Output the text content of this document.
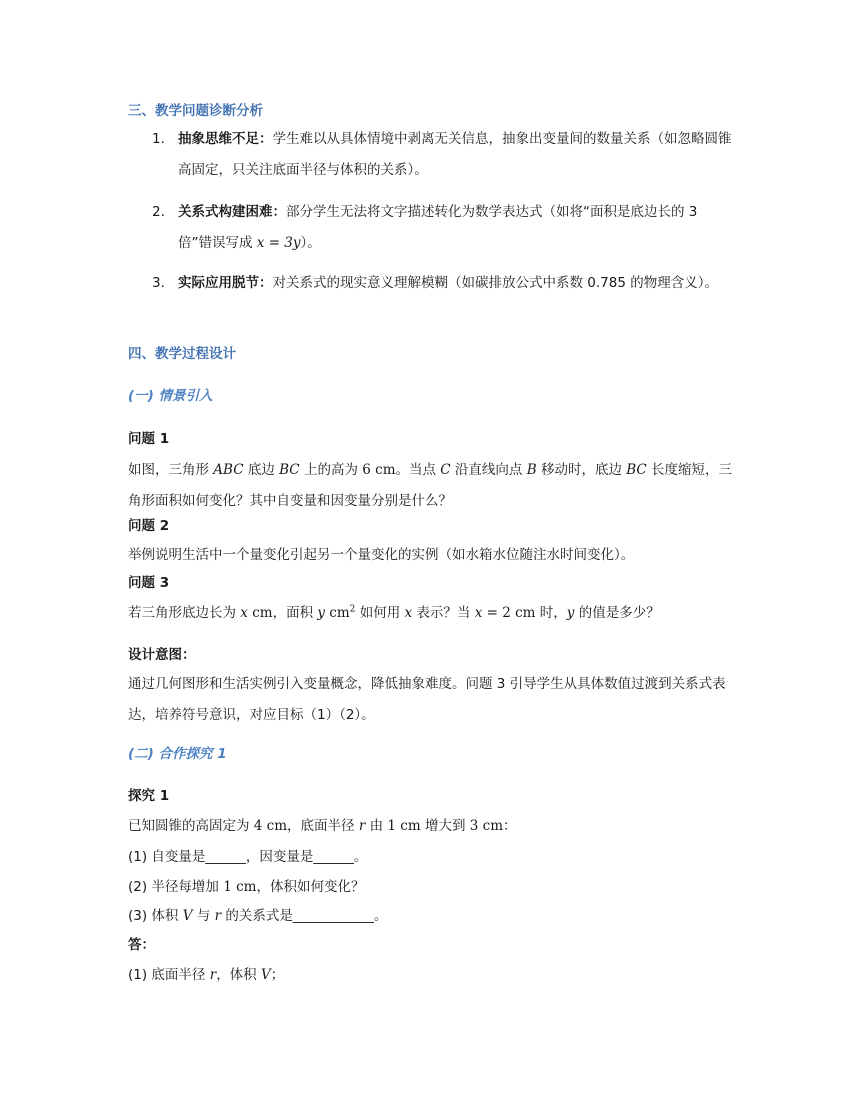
三、教学问题诊断分析
1. 抽象思维不足：学生难以从具体情境中剥离无关信息，抽象出变量间的数量关系（如忽略圆锥高固定，只关注底面半径与体积的关系）。
2. 关系式构建困难：部分学生无法将文字描述转化为数学表达式（如将“面积是底边长的 3 倍”错误写成 x = 3y）。
3. 实际应用脱节：对关系式的现实意义理解模糊（如碳排放公式中系数 0.785 的物理含义）。
四、教学过程设计
(一) 情景引入
问题 1
如图，三角形 ABC 底边 BC 上的高为 6 cm。当点 C 沿直线向点 B 移动时，底边 BC 长度缩短，三角形面积如何变化？其中自变量和因变量分别是什么？
问题 2
举例说明生活中一个量变化引起另一个量变化的实例（如水箱水位随注水时间变化）。
问题 3
若三角形底边长为 x cm，面积 y $cm^2$ 如何用 x 表示？当 x = 2 cm 时，y 的值是多少？
设计意图：
通过几何图形和生活实例引入变量概念，降低抽象难度。问题 3 引导学生从具体数值过渡到关系式表达，培养符号意识，对应目标（1）（2）。
(二) 合作探究 1
探究 1
已知圆锥的高固定为 4 cm，底面半径 r 由 1 cm 增大到 3 cm：
(1) 自变量是______，因变量是______。
(2) 半径每增加 1 cm，体积如何变化？
(3) 体积 V 与 r 的关系式是____________。
答：
(1) 底面半径 r，体积 V；
